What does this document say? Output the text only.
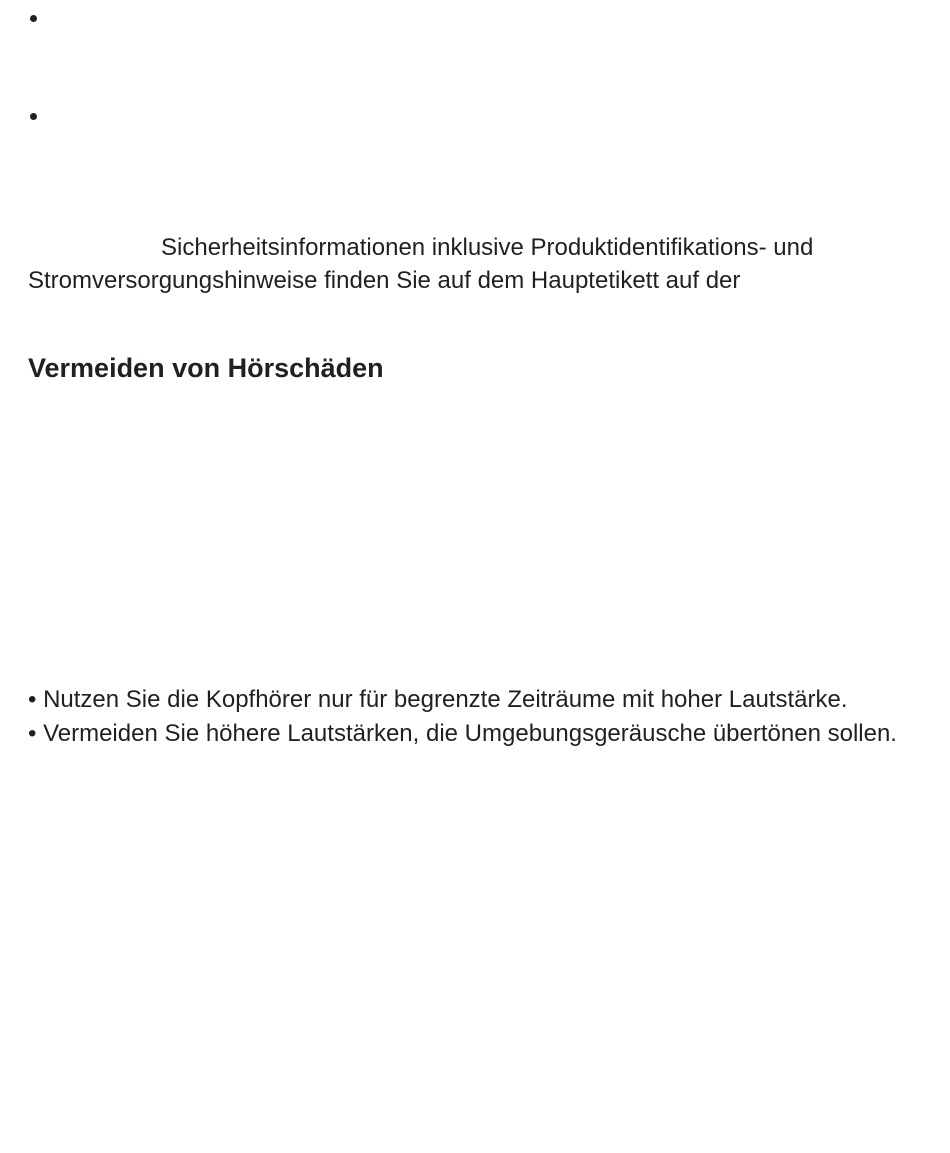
Sicherheitsinformationen inklusive Produktidentifikations- und
Stromversorgungshinweise finden Sie auf dem Hauptetikett auf der
Vermeiden von Hörschäden
• Nutzen Sie die Kopfhörer nur für begrenzte Zeiträume mit hoher Lautstärke.
• Vermeiden Sie höhere Lautstärken, die Umgebungsgeräusche übertönen sollen.
